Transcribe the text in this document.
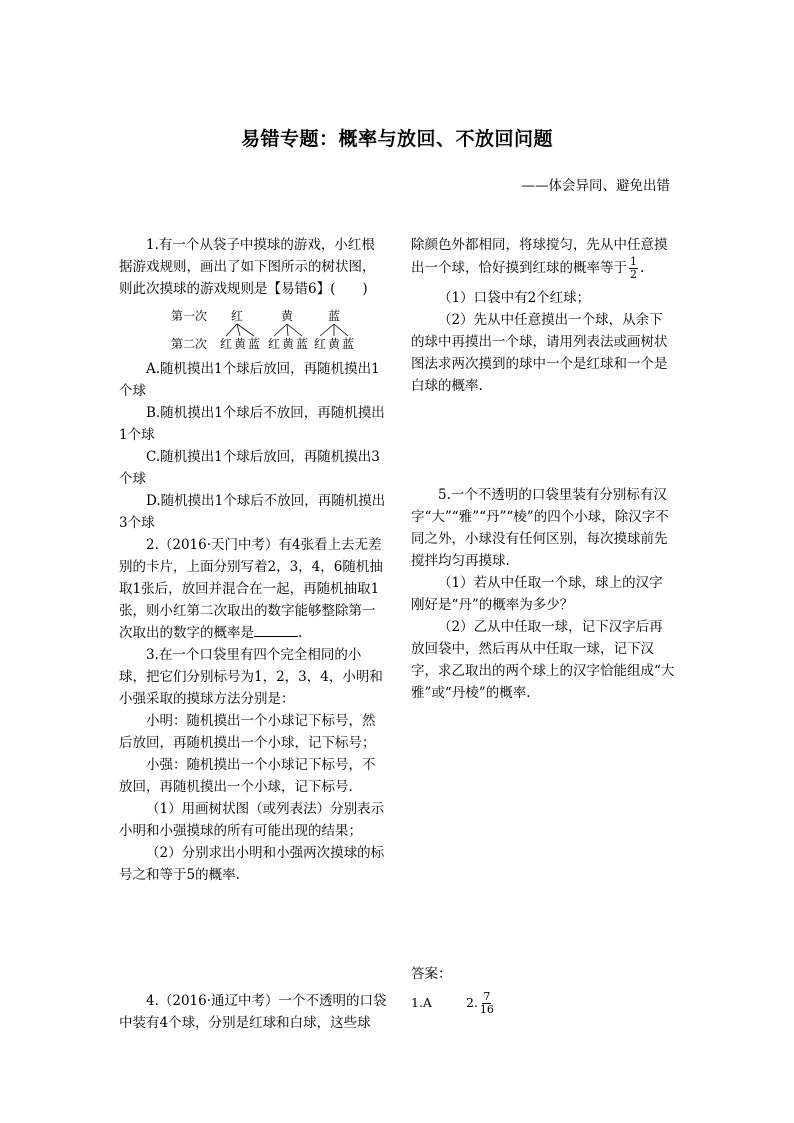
易错专题：概率与放回、不放回问题
——体会异同、避免出错

1.有一个从袋子中摸球的游戏，小红根据游戏规则，画出了如下图所示的树状图，则此次摸球的游戏规则是【易错6】(　　)

第一次
第二次
红	黄	蓝
红 黄 蓝 红 黄 蓝 红 黄 蓝

A.随机摸出1个球后放回，再随机摸出1个球

B.随机摸出1个球后不放回，再随机摸出1个球

C.随机摸出1个球后放回，再随机摸出3个球

D.随机摸出1个球后不放回，再随机摸出3个球

2.（2016·天门中考）有4张看上去无差别的卡片，上面分别写着2，3，4，6随机抽取1张后，放回并混合在一起，再随机抽取1张，则小红第二次取出的数字能够整除第一次取出的数字的概率是	.

3.在一个口袋里有四个完全相同的小球，把它们分别标号为1，2，3，4，小明和小强采取的摸球方法分别是：

小明：随机摸出一个小球记下标号，然后放回，再随机摸出一个小球，记下标号；

小强：随机摸出一个小球记下标号，不放回，再随机摸出一个小球，记下标号.

（1）用画树状图（或列表法）分别表示小明和小强摸球的所有可能出现的结果；

（2）分别求出小明和小强两次摸球的标号之和等于5的概率.

4.（2016·通辽中考）一个不透明的口袋中装有4个球，分别是红球和白球，这些球

除颜色外都相同，将球搅匀，先从中任意摸出一个球，恰好摸到红球的概率等于 $\frac{1}{2}$ .

（1）口袋中有2个红球；

（2）先从中任意摸出一个球，从余下的球中再摸出一个球，请用列表法或画树状图法求两次摸到的球中一个是红球和一个是白球的概率.

5.一个不透明的口袋里装有分别标有汉字“大”“雅”“丹”“棱”的四个小球，除汉字不同之外，小球没有任何区别，每次摸球前先搅拌均匀再摸球.

（1）若从中任取一个球，球上的汉字刚好是“丹”的概率为多少？

（2）乙从中任取一球，记下汉字后再放回袋中，然后再从中任取一球，记下汉字，求乙取出的两个球上的汉字恰能组成“大雅”或“丹棱”的概率.

答案：

1.A	2. $\frac{7}{16}$
